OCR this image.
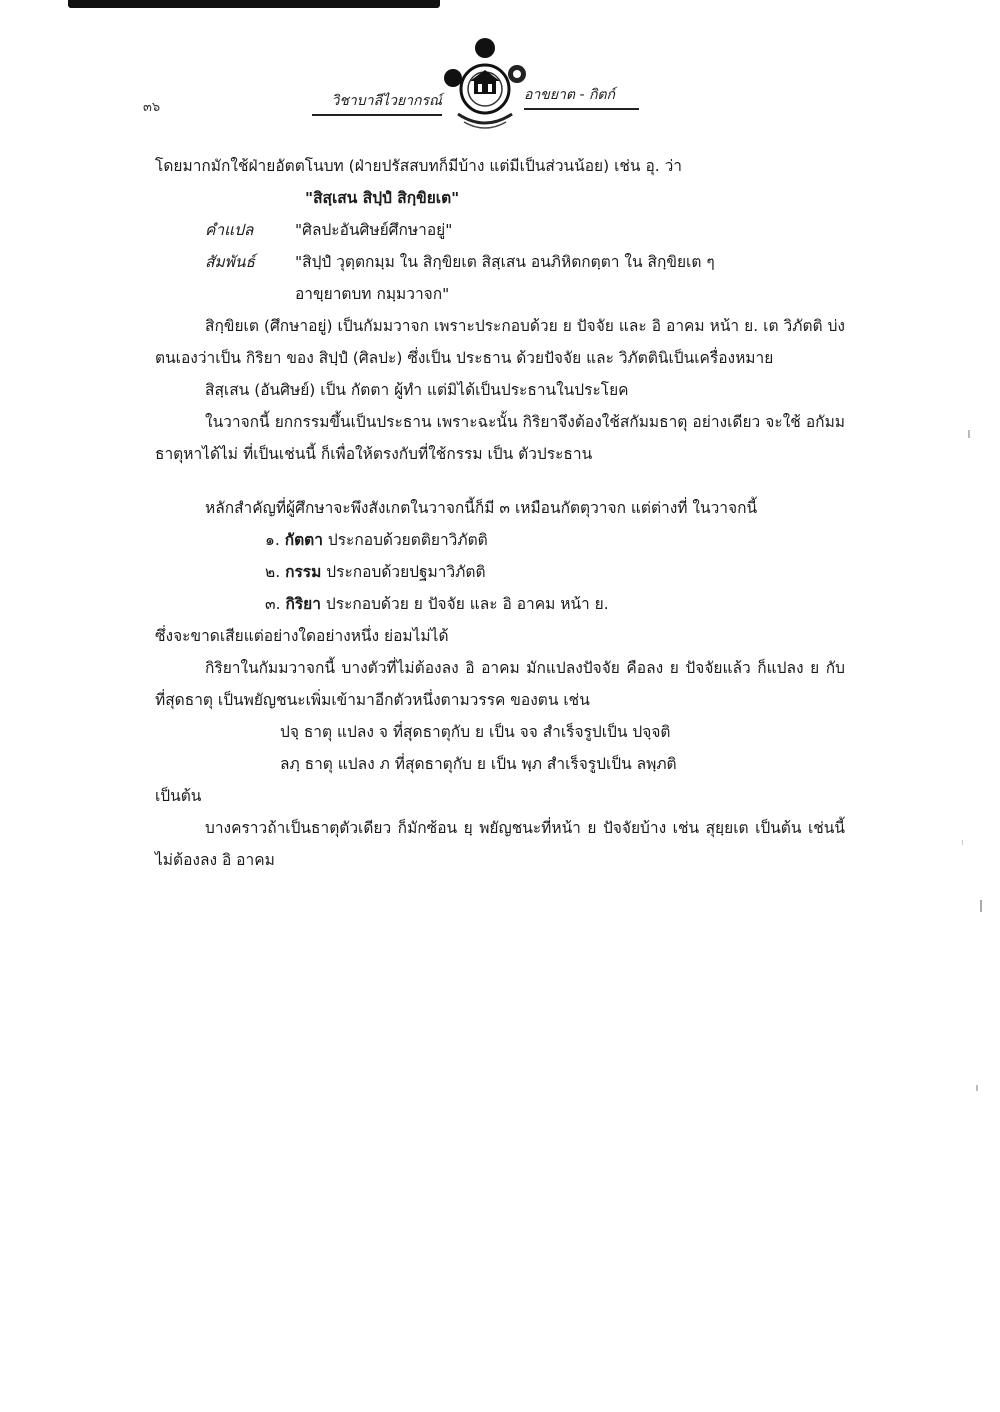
๓๖	วิชาบาลีไวยากรณ์	อาขยาต - กิตก์
โดยมากมักใช้ฝ่ายอัตตโนบท (ฝ่ายปรัสสบทก็มีบ้าง แต่มีเป็นส่วนน้อย) เช่น อุ. ว่า
"สิสฺเสน สิปฺปํ สิกฺขิยเต"
คำแปล	"ศิลปะอันศิษย์ศึกษาอยู่"
สัมพันธ์	"สิปฺปํ วุตฺตกมฺม ใน สิกฺขิยเต สิสฺเสน อนภิหิตกตฺตา ใน สิกฺขิยเต ๆ
อาขฺยาตบท กมฺมวาจก"

สิกฺขิยเต (ศึกษาอยู่) เป็นกัมมวาจก เพราะประกอบด้วย ย ปัจจัย และ อิ อาคม หน้า ย. เต วิภัตติ บ่งตนเองว่าเป็น กิริยา ของ สิปฺปํ (ศิลปะ) ซึ่งเป็น ประธาน ด้วยปัจจัย และ วิภัตตินิเป็นเครื่องหมาย

สิสฺเสน (อันศิษย์) เป็น กัตตา ผู้ทำ แต่มิได้เป็นประธานในประโยค

ในวาจกนี้ ยกกรรมขึ้นเป็นประธาน เพราะฉะนั้น กิริยาจึงต้องใช้สกัมมธาตุ อย่างเดียว จะใช้ อกัมมธาตุหาได้ไม่ ที่เป็นเช่นนี้ ก็เพื่อให้ตรงกับที่ใช้กรรม เป็น ตัวประธาน

หลักสำคัญที่ผู้ศึกษาจะพึงสังเกตในวาจกนี้ก็มี ๓ เหมือนกัตตุวาจก แต่ต่างที่ ในวาจกนี้

๑. กัตตา ประกอบด้วยตติยาวิภัตติ
๒. กรรม ประกอบด้วยปฐมาวิภัตติ
๓. กิริยา ประกอบด้วย ย ปัจจัย และ อิ อาคม หน้า ย.
ซึ่งจะขาดเสียแต่อย่างใดอย่างหนึ่ง ย่อมไม่ได้

กิริยาในกัมมวาจกนี้ บางตัวที่ไม่ต้องลง อิ อาคม มักแปลงปัจจัย คือลง ย ปัจจัยแล้ว ก็แปลง ย กับที่สุดธาตุ เป็นพยัญชนะเพิ่มเข้ามาอีกตัวหนึ่งตามวรรค ของตน เช่น

ปจฺ ธาตุ แปลง จ ที่สุดธาตุกับ ย เป็น จจ สำเร็จรูปเป็น ปจฺจติ
ลภฺ ธาตุ แปลง ภ ที่สุดธาตุกับ ย เป็น พฺภ สำเร็จรูปเป็น ลพฺภติ
เป็นต้น

บางคราวถ้าเป็นธาตุตัวเดียว ก็มักซ้อน ยฺ พยัญชนะที่หน้า ย ปัจจัยบ้าง เช่น สุยฺยเต เป็นต้น เช่นนี้ไม่ต้องลง อิ อาคม
